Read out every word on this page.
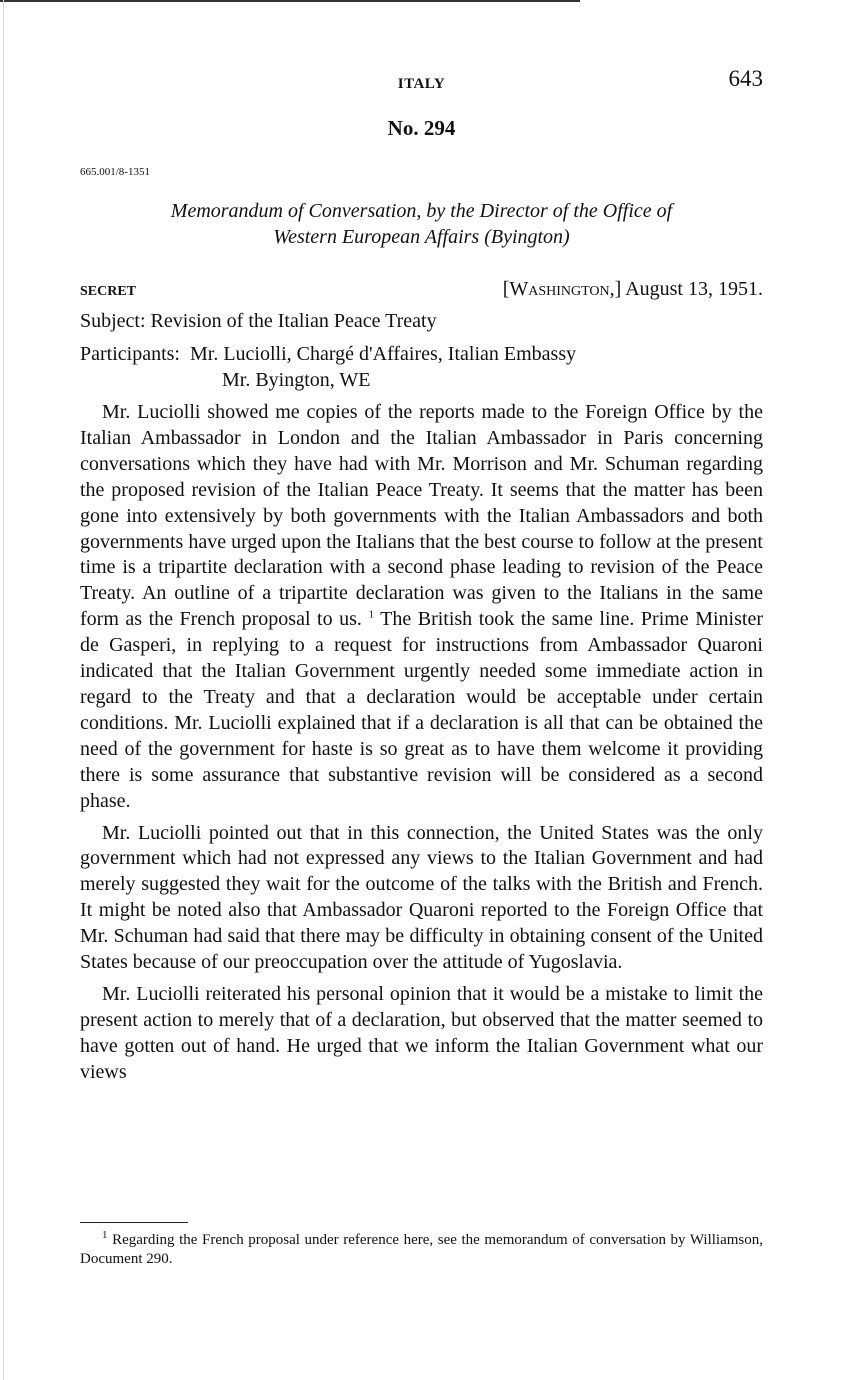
ITALY	643
No. 294
665.001/8-1351
Memorandum of Conversation, by the Director of the Office of
Western European Affairs (Byington)
SECRET	[Washington,] August 13, 1951.
Subject: Revision of the Italian Peace Treaty
Participants: Mr. Luciolli, Chargé d'Affaires, Italian Embassy
Mr. Byington, WE

Mr. Luciolli showed me copies of the reports made to the Foreign Office by the Italian Ambassador in London and the Italian Ambassador in Paris concerning conversations which they have had with Mr. Morrison and Mr. Schuman regarding the proposed revision of the Italian Peace Treaty. It seems that the matter has been gone into extensively by both governments with the Italian Ambassadors and both governments have urged upon the Italians that the best course to follow at the present time is a tripartite declaration with a second phase leading to revision of the Peace Treaty. An outline of a tripartite declaration was given to the Italians in the same form as the French proposal to us. $^1$ The British took the same line. Prime Minister de Gasperi, in replying to a request for instructions from Ambassador Quaroni indicated that the Italian Government urgently needed some immediate action in regard to the Treaty and that a declaration would be acceptable under certain conditions. Mr. Luciolli explained that if a declaration is all that can be obtained the need of the government for haste is so great as to have them welcome it providing there is some assurance that substantive revision will be considered as a second phase.

Mr. Luciolli pointed out that in this connection, the United States was the only government which had not expressed any views to the Italian Government and had merely suggested they wait for the outcome of the talks with the British and French. It might be noted also that Ambassador Quaroni reported to the Foreign Office that Mr. Schuman had said that there may be difficulty in obtaining consent of the United States because of our preoccupation over the attitude of Yugoslavia.

Mr. Luciolli reiterated his personal opinion that it would be a mistake to limit the present action to merely that of a declaration, but observed that the matter seemed to have gotten out of hand. He urged that we inform the Italian Government what our views

$^1$ Regarding the French proposal under reference here, see the memorandum of conversation by Williamson, Document 290.
